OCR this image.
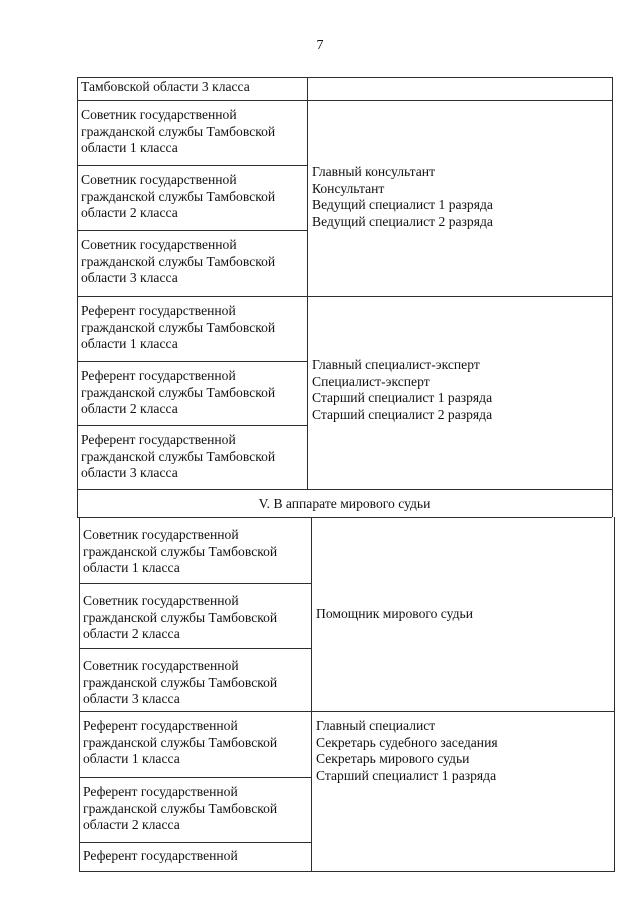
7
Тамбовской области 3 класса
Советник государственной
гражданской службы Тамбовской
области 1 класса
Советник государственной
гражданской службы Тамбовской
области 2 класса
Советник государственной
гражданской службы Тамбовской
области 3 класса
Главный консультант
Консультант
Ведущий специалист 1 разряда
Ведущий специалист 2 разряда
Референт государственной
гражданской службы Тамбовской
области 1 класса
Референт государственной
гражданской службы Тамбовской
области 2 класса
Референт государственной
гражданской службы Тамбовской
области 3 класса
Главный специалист-эксперт
Специалист-эксперт
Старший специалист 1 разряда
Старший специалист 2 разряда
V. В аппарате мирового судьи
Советник государственной
гражданской службы Тамбовской
области 1 класса
Советник государственной
гражданской службы Тамбовской
области 2 класса
Советник государственной
гражданской службы Тамбовской
области 3 класса
Помощник мирового судьи
Референт государственной
гражданской службы Тамбовской
области 1 класса
Референт государственной
гражданской службы Тамбовской
области 2 класса
Референт государственной
Главный специалист
Секретарь судебного заседания
Секретарь мирового судьи
Старший специалист 1 разряда
